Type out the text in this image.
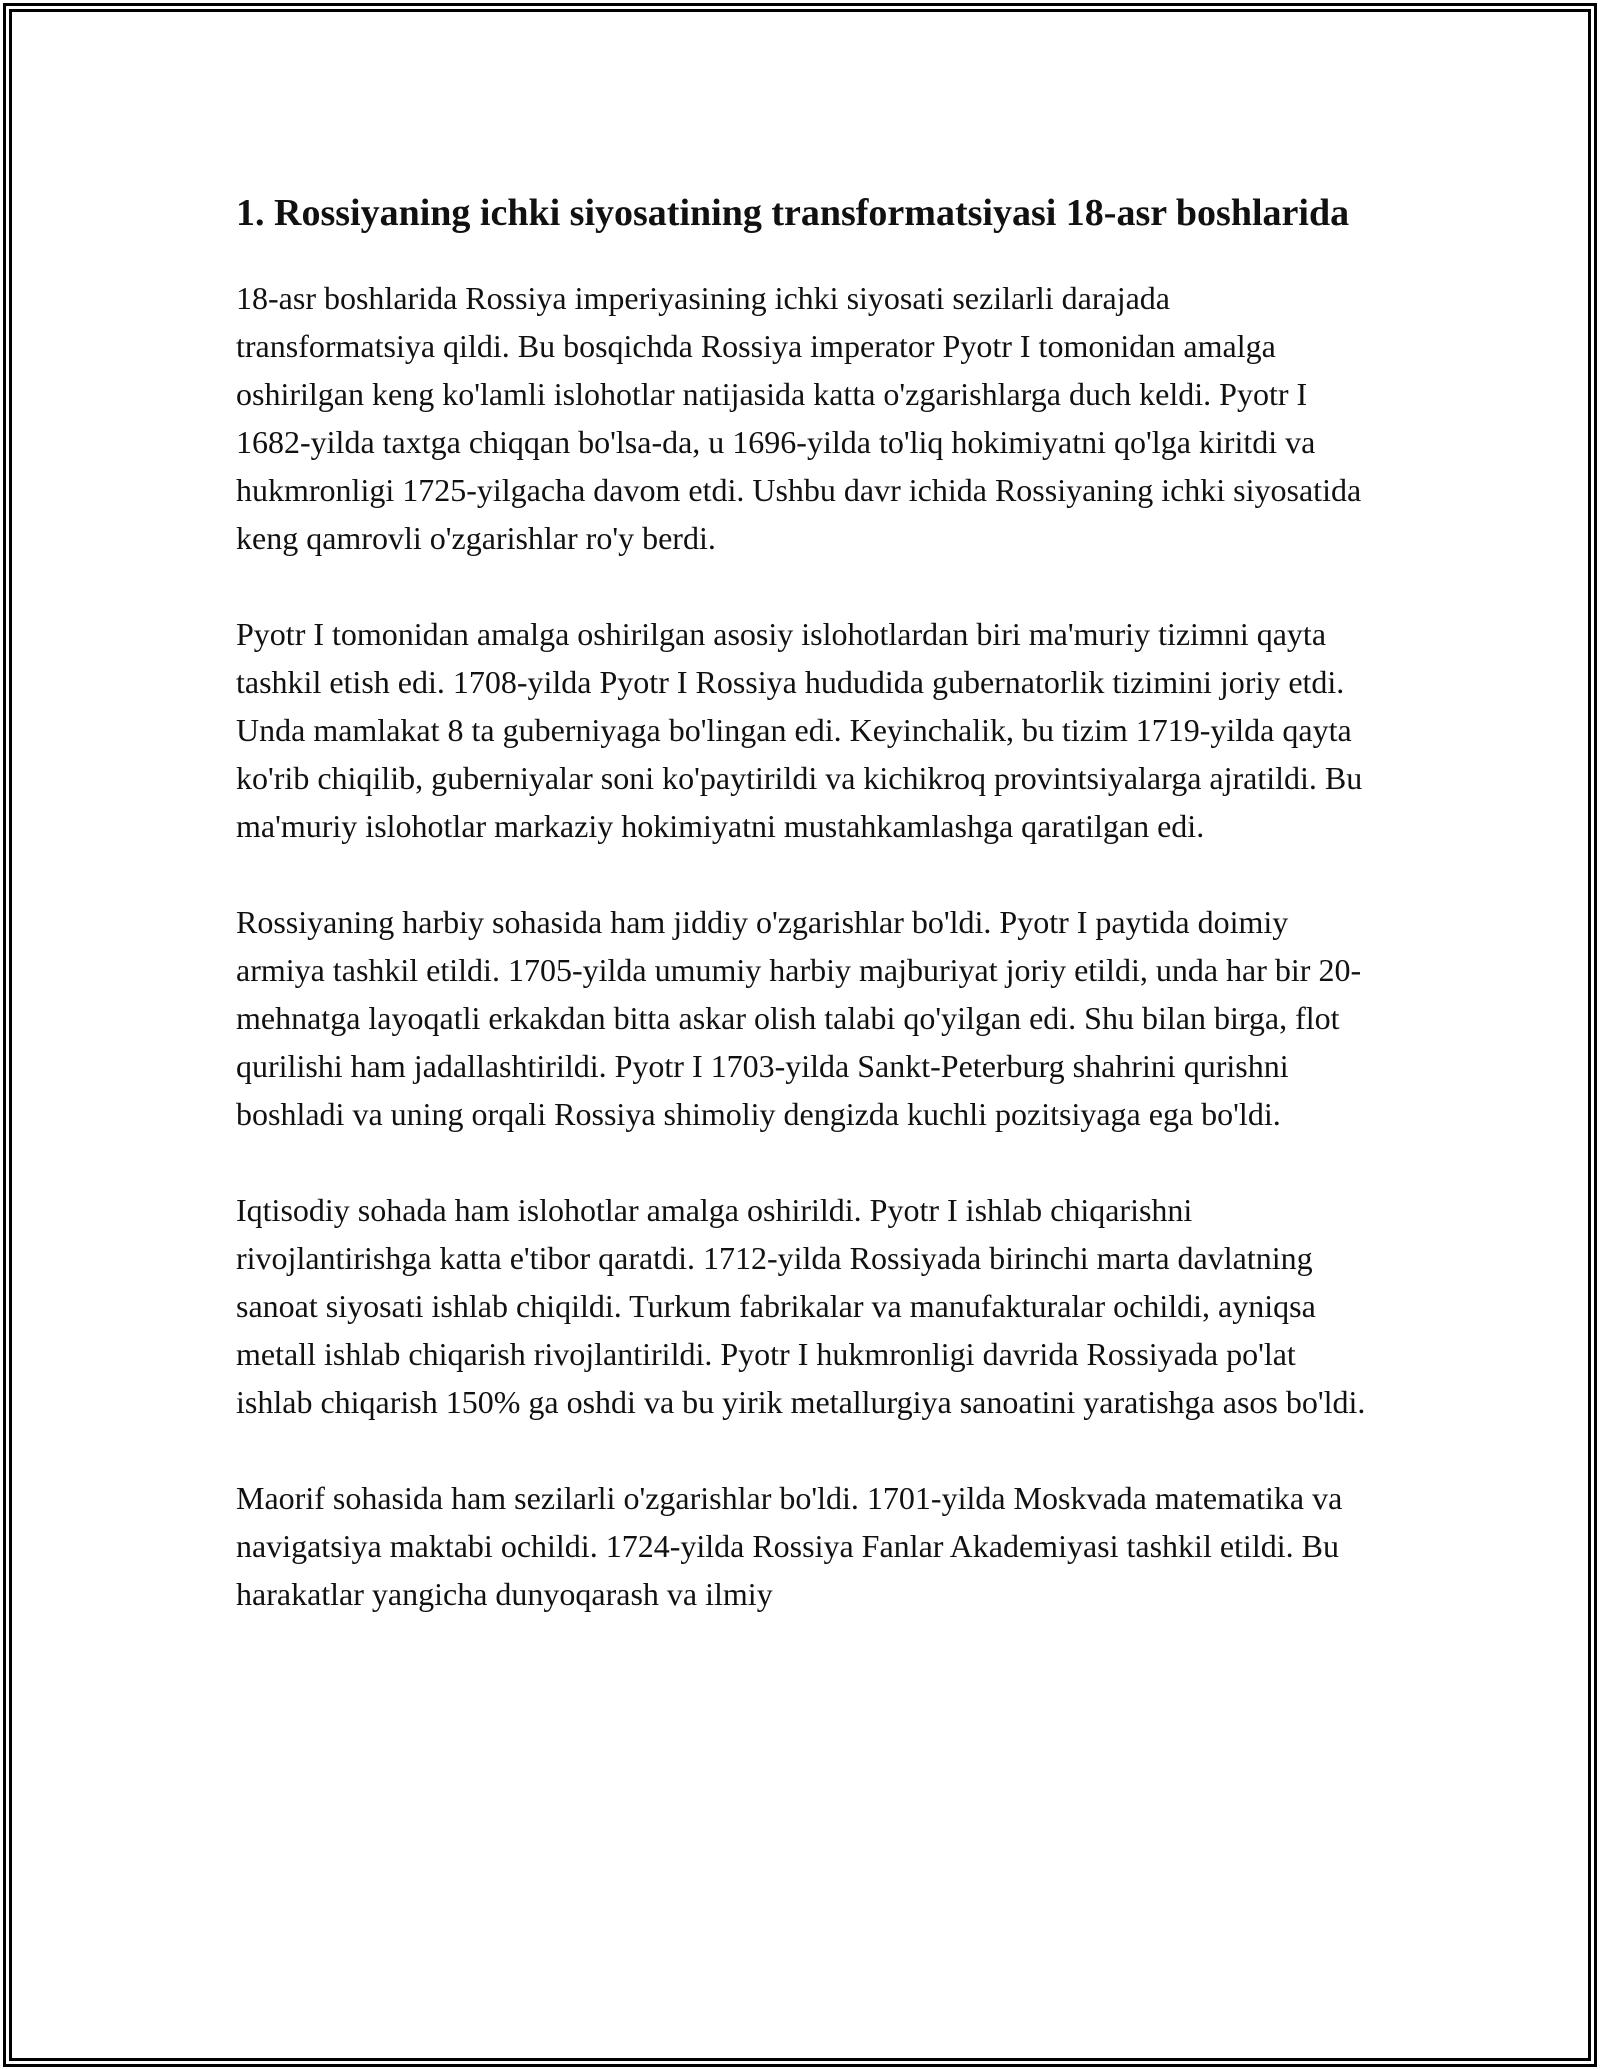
1. Rossiyaning ichki siyosatining transformatsiyasi 18-asr boshlarida

18-asr boshlarida Rossiya imperiyasining ichki siyosati sezilarli darajada transformatsiya qildi. Bu bosqichda Rossiya imperator Pyotr I tomonidan amalga oshirilgan keng ko'lamli islohotlar natijasida katta o'zgarishlarga duch keldi. Pyotr I 1682-yilda taxtga chiqqan bo'lsa-da, u 1696-yilda to'liq hokimiyatni qo'lga kiritdi va hukmronligi 1725-yilgacha davom etdi. Ushbu davr ichida Rossiyaning ichki siyosatida keng qamrovli o'zgarishlar ro'y berdi.

Pyotr I tomonidan amalga oshirilgan asosiy islohotlardan biri ma'muriy tizimni qayta tashkil etish edi. 1708-yilda Pyotr I Rossiya hududida gubernatorlik tizimini joriy etdi. Unda mamlakat 8 ta guberniyaga bo'lingan edi. Keyinchalik, bu tizim 1719-yilda qayta ko'rib chiqilib, guberniyalar soni ko'paytirildi va kichikroq provintsiyalarga ajratildi. Bu ma'muriy islohotlar markaziy hokimiyatni mustahkamlashga qaratilgan edi.

Rossiyaning harbiy sohasida ham jiddiy o'zgarishlar bo'ldi. Pyotr I paytida doimiy armiya tashkil etildi. 1705-yilda umumiy harbiy majburiyat joriy etildi, unda har bir 20-mehnatga layoqatli erkakdan bitta askar olish talabi qo'yilgan edi. Shu bilan birga, flot qurilishi ham jadallashtirildi. Pyotr I 1703-yilda Sankt-Peterburg shahrini qurishni boshladi va uning orqali Rossiya shimoliy dengizda kuchli pozitsiyaga ega bo'ldi.

Iqtisodiy sohada ham islohotlar amalga oshirildi. Pyotr I ishlab chiqarishni rivojlantirishga katta e'tibor qaratdi. 1712-yilda Rossiyada birinchi marta davlatning sanoat siyosati ishlab chiqildi. Turkum fabrikalar va manufakturalar ochildi, ayniqsa metall ishlab chiqarish rivojlantirildi. Pyotr I hukmronligi davrida Rossiyada po'lat ishlab chiqarish 150% ga oshdi va bu yirik metallurgiya sanoatini yaratishga asos bo'ldi.

Maorif sohasida ham sezilarli o'zgarishlar bo'ldi. 1701-yilda Moskvada matematika va navigatsiya maktabi ochildi. 1724-yilda Rossiya Fanlar Akademiyasi tashkil etildi. Bu harakatlar yangicha dunyoqarash va ilmiy
